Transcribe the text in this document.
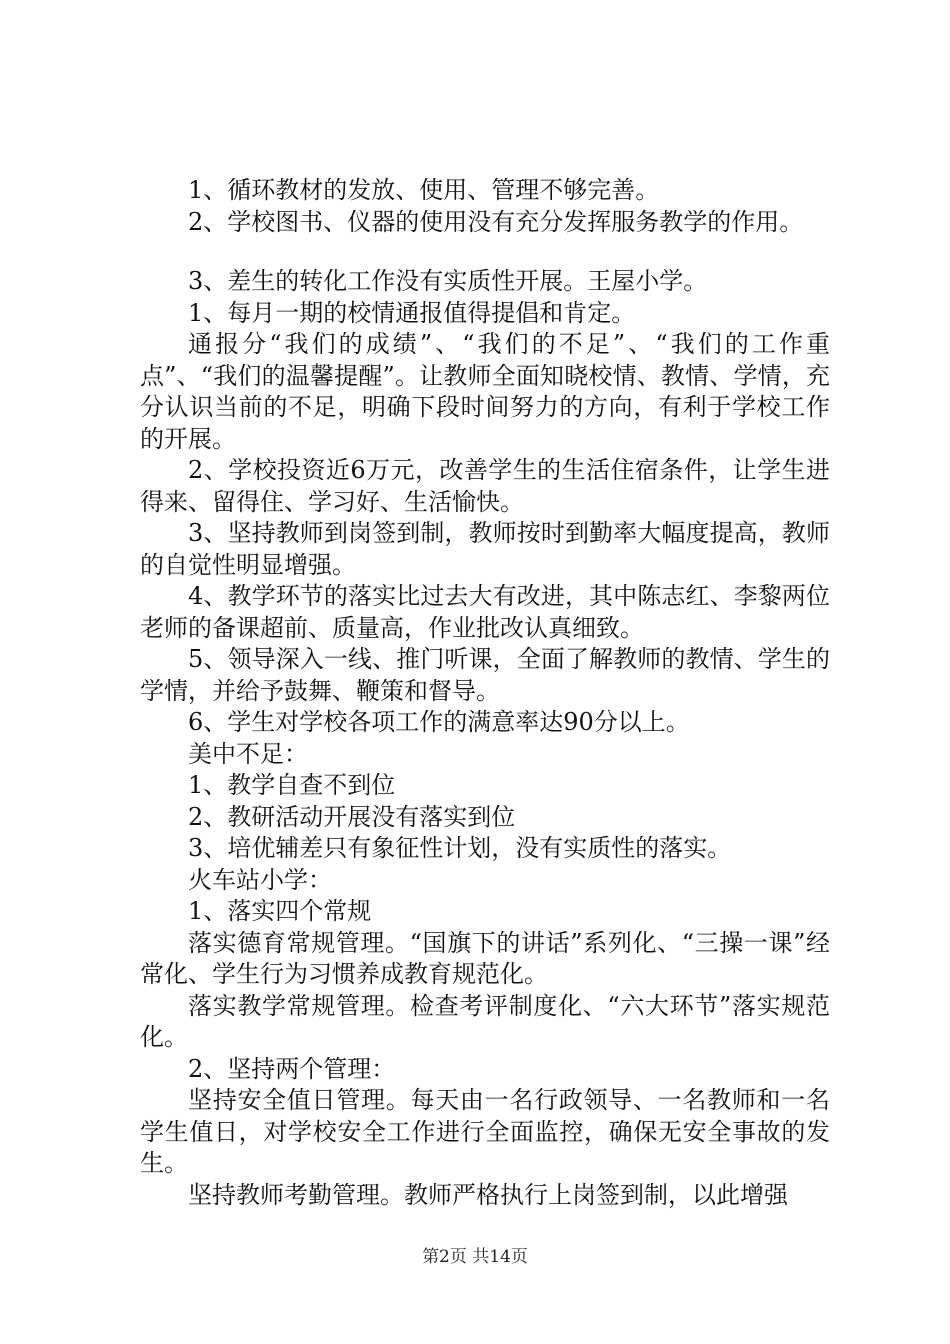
1、循环教材的发放、使用、管理不够完善。

2、学校图书、仪器的使用没有充分发挥服务教学的作用。

3、差生的转化工作没有实质性开展。王屋小学。

1、每月一期的校情通报值得提倡和肯定。

通报分“我们的成绩”、“我们的不足”、“我们的工作重点”、“我们的温馨提醒”。让教师全面知晓校情、教情、学情，充分认识当前的不足，明确下段时间努力的方向，有利于学校工作的开展。

2、学校投资近6万元，改善学生的生活住宿条件，让学生进得来、留得住、学习好、生活愉快。

3、坚持教师到岗签到制，教师按时到勤率大幅度提高，教师的自觉性明显增强。

4、教学环节的落实比过去大有改进，其中陈志红、李黎两位老师的备课超前、质量高，作业批改认真细致。

5、领导深入一线、推门听课，全面了解教师的教情、学生的学情，并给予鼓舞、鞭策和督导。

6、学生对学校各项工作的满意率达90分以上。

美中不足：

1、教学自查不到位

2、教研活动开展没有落实到位

3、培优辅差只有象征性计划，没有实质性的落实。

火车站小学：

1、落实四个常规

落实德育常规管理。“国旗下的讲话”系列化、“三操一课”经常化、学生行为习惯养成教育规范化。

落实教学常规管理。检查考评制度化、“六大环节”落实规范化。

2、坚持两个管理：

坚持安全值日管理。每天由一名行政领导、一名教师和一名学生值日，对学校安全工作进行全面监控，确保无安全事故的发生。

坚持教师考勤管理。教师严格执行上岗签到制，以此增强

第2页 共14页
